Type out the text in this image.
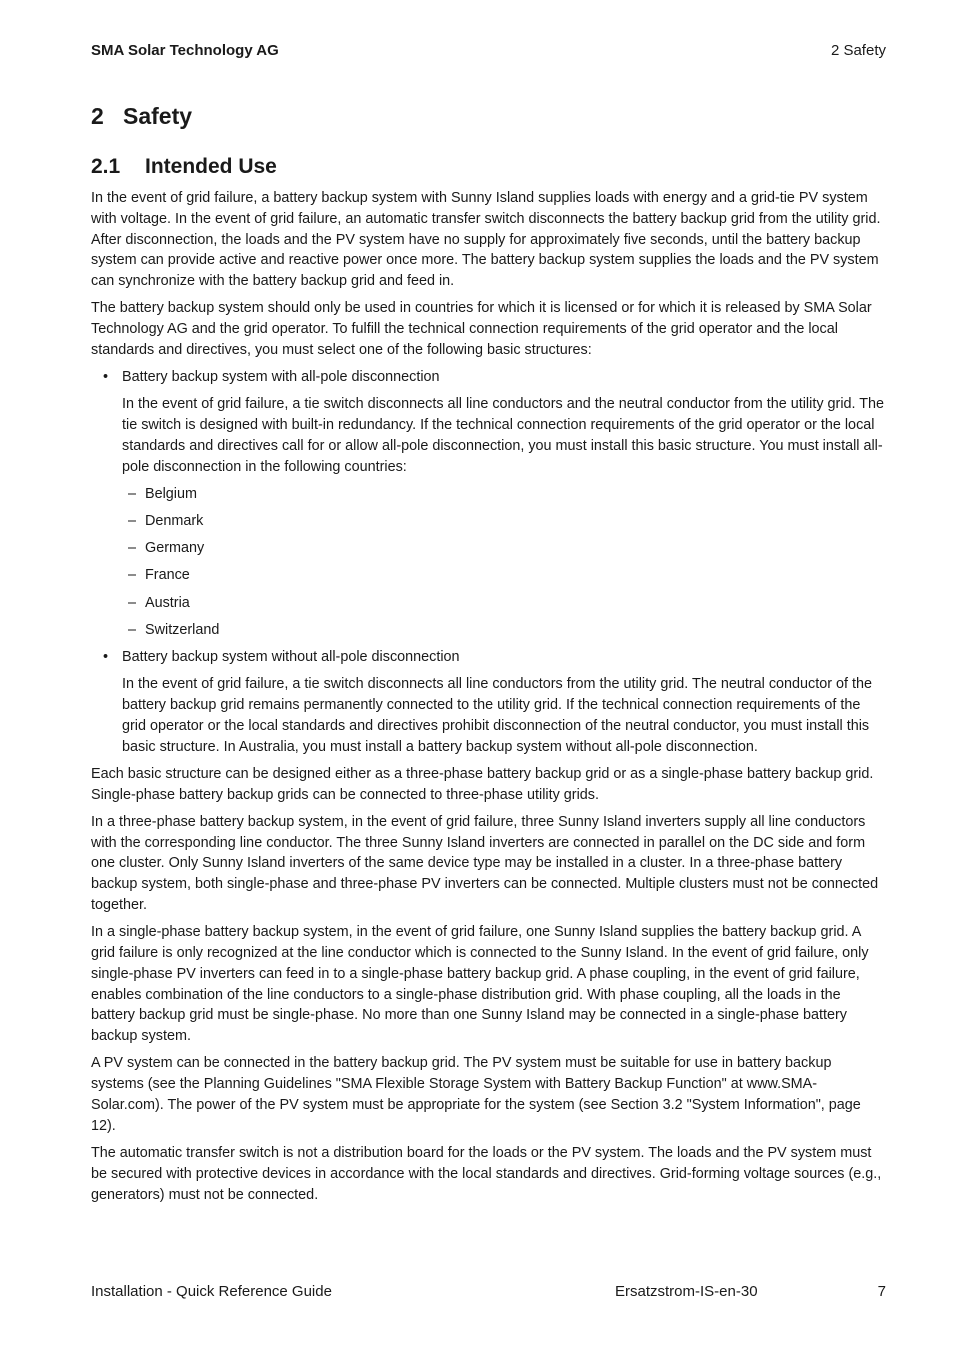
SMA Solar Technology AG	2 Safety
2 Safety
2.1 Intended Use

In the event of grid failure, a battery backup system with Sunny Island supplies loads with energy and a grid-tie PV system with voltage. In the event of grid failure, an automatic transfer switch disconnects the battery backup grid from the utility grid. After disconnection, the loads and the PV system have no supply for approximately five seconds, until the battery backup system can provide active and reactive power once more. The battery backup system supplies the loads and the PV system can synchronize with the battery backup grid and feed in.

The battery backup system should only be used in countries for which it is licensed or for which it is released by SMA Solar Technology AG and the grid operator. To fulfill the technical connection requirements of the grid operator and the local standards and directives, you must select one of the following basic structures:

• Battery backup system with all-pole disconnection

In the event of grid failure, a tie switch disconnects all line conductors and the neutral conductor from the utility grid. The tie switch is designed with built-in redundancy. If the technical connection requirements of the grid operator or the local standards and directives call for or allow all-pole disconnection, you must install this basic structure. You must install all-pole disconnection in the following countries:

– Belgium
– Denmark
– Germany
– France
– Austria
– Switzerland
• Battery backup system without all-pole disconnection

In the event of grid failure, a tie switch disconnects all line conductors from the utility grid. The neutral conductor of the battery backup grid remains permanently connected to the utility grid. If the technical connection requirements of the grid operator or the local standards and directives prohibit disconnection of the neutral conductor, you must install this basic structure. In Australia, you must install a battery backup system without all-pole disconnection.

Each basic structure can be designed either as a three-phase battery backup grid or as a single-phase battery backup grid. Single-phase battery backup grids can be connected to three-phase utility grids.

In a three-phase battery backup system, in the event of grid failure, three Sunny Island inverters supply all line conductors with the corresponding line conductor. The three Sunny Island inverters are connected in parallel on the DC side and form one cluster. Only Sunny Island inverters of the same device type may be installed in a cluster. In a three-phase battery backup system, both single-phase and three-phase PV inverters can be connected. Multiple clusters must not be connected together.

In a single-phase battery backup system, in the event of grid failure, one Sunny Island supplies the battery backup grid. A grid failure is only recognized at the line conductor which is connected to the Sunny Island. In the event of grid failure, only single-phase PV inverters can feed in to a single-phase battery backup grid. A phase coupling, in the event of grid failure, enables combination of the line conductors to a single-phase distribution grid. With phase coupling, all the loads in the battery backup grid must be single-phase. No more than one Sunny Island may be connected in a single-phase battery backup system.

A PV system can be connected in the battery backup grid. The PV system must be suitable for use in battery backup systems (see the Planning Guidelines "SMA Flexible Storage System with Battery Backup Function" at www.SMA-Solar.com). The power of the PV system must be appropriate for the system (see Section 3.2 "System Information", page 12).

The automatic transfer switch is not a distribution board for the loads or the PV system. The loads and the PV system must be secured with protective devices in accordance with the local standards and directives. Grid-forming voltage sources (e.g., generators) must not be connected.

Installation - Quick Reference Guide	Ersatzstrom-IS-en-30	7
